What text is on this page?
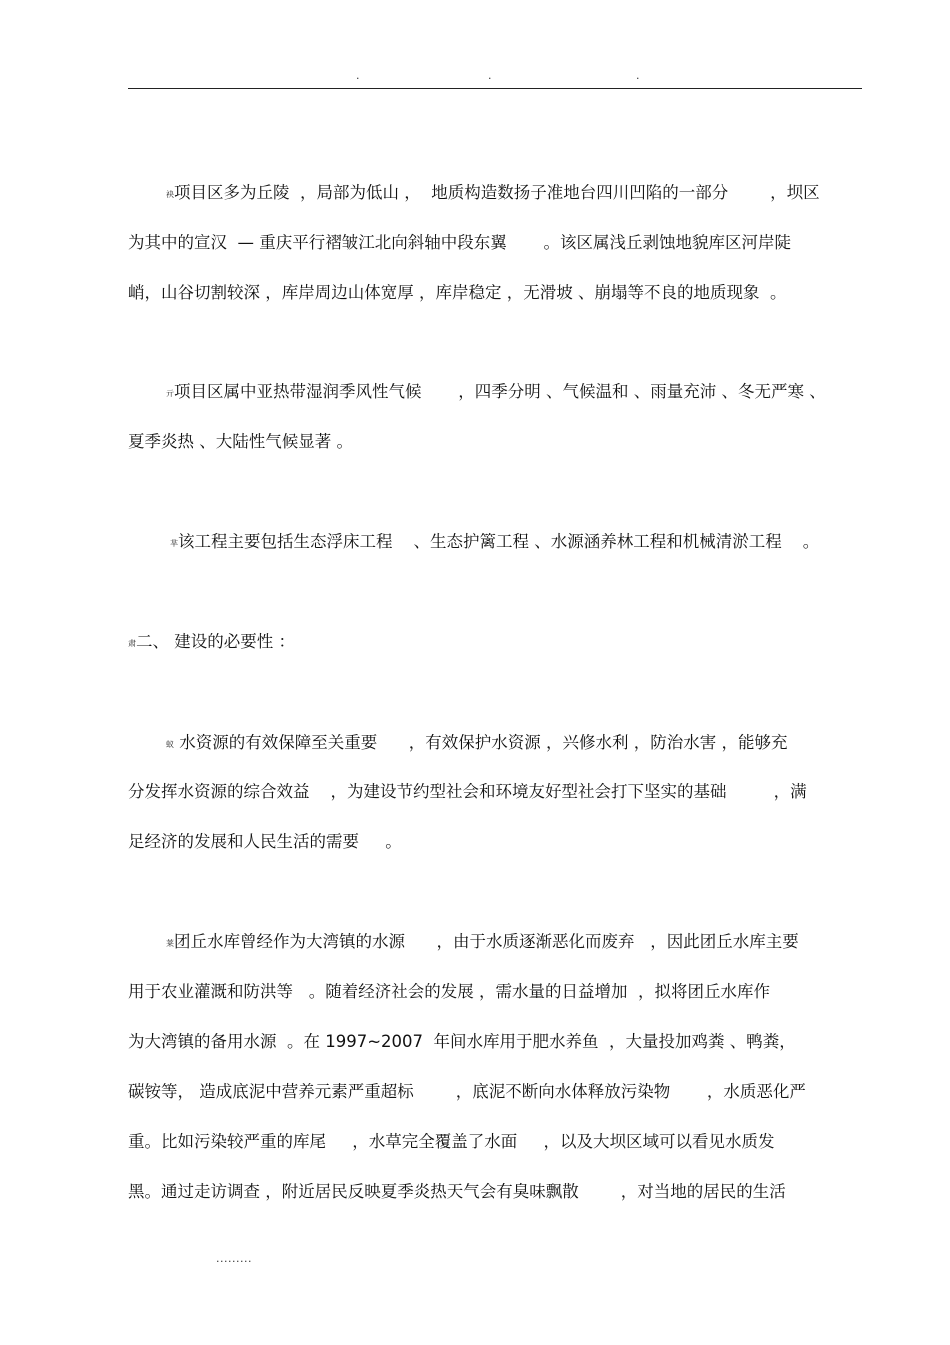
.	.	.
袂项目区多为丘陵  ，局部为低山 ，  地质构造数扬子准地台四川凹陷的一部分        ，坝区
为其中的宣汉  — 重庆平行褶皱江北向斜轴中段东翼       。该区属浅丘剥蚀地貌库区河岸陡
峭，山谷切割较深 ，库岸周边山体宽厚 ，库岸稳定 ，无滑坡 、崩塌等不良的地质现象  。
亓项目区属中亚热带湿润季风性气候       ，四季分明 、气候温和 、雨量充沛 、冬无严寒 、
夏季炎热 、大陆性气候显著 。
芈该工程主要包括生态浮床工程    、生态护篱工程 、水源涵养林工程和机械清淤工程    。
肃二、 建设的必要性 ：
蚁 水资源的有效保障至关重要      ，有效保护水资源 ，兴修水利 ，防治水害 ，能够充
分发挥水资源的综合效益    ，为建设节约型社会和环境友好型社会打下坚实的基础         ，满
足经济的发展和人民生活的需要     。
莱团丘水库曾经作为大湾镇的水源      ，由于水质逐渐恶化而废弃   ，因此团丘水库主要
用于农业灌溉和防洪等   。随着经济社会的发展 ，需水量的日益增加  ，拟将团丘水库作
为大湾镇的备用水源  。在 1997~2007  年间水库用于肥水养鱼  ，大量投加鸡粪 、鸭粪，
碳铵等， 造成底泥中营养元素严重超标        ，底泥不断向水体释放污染物       ，水质恶化严
重。比如污染较严重的库尾     ，水草完全覆盖了水面     ，以及大坝区域可以看见水质发
黑。通过走访调查 ，附近居民反映夏季炎热天气会有臭味飘散        ，对当地的居民的生活
.........
